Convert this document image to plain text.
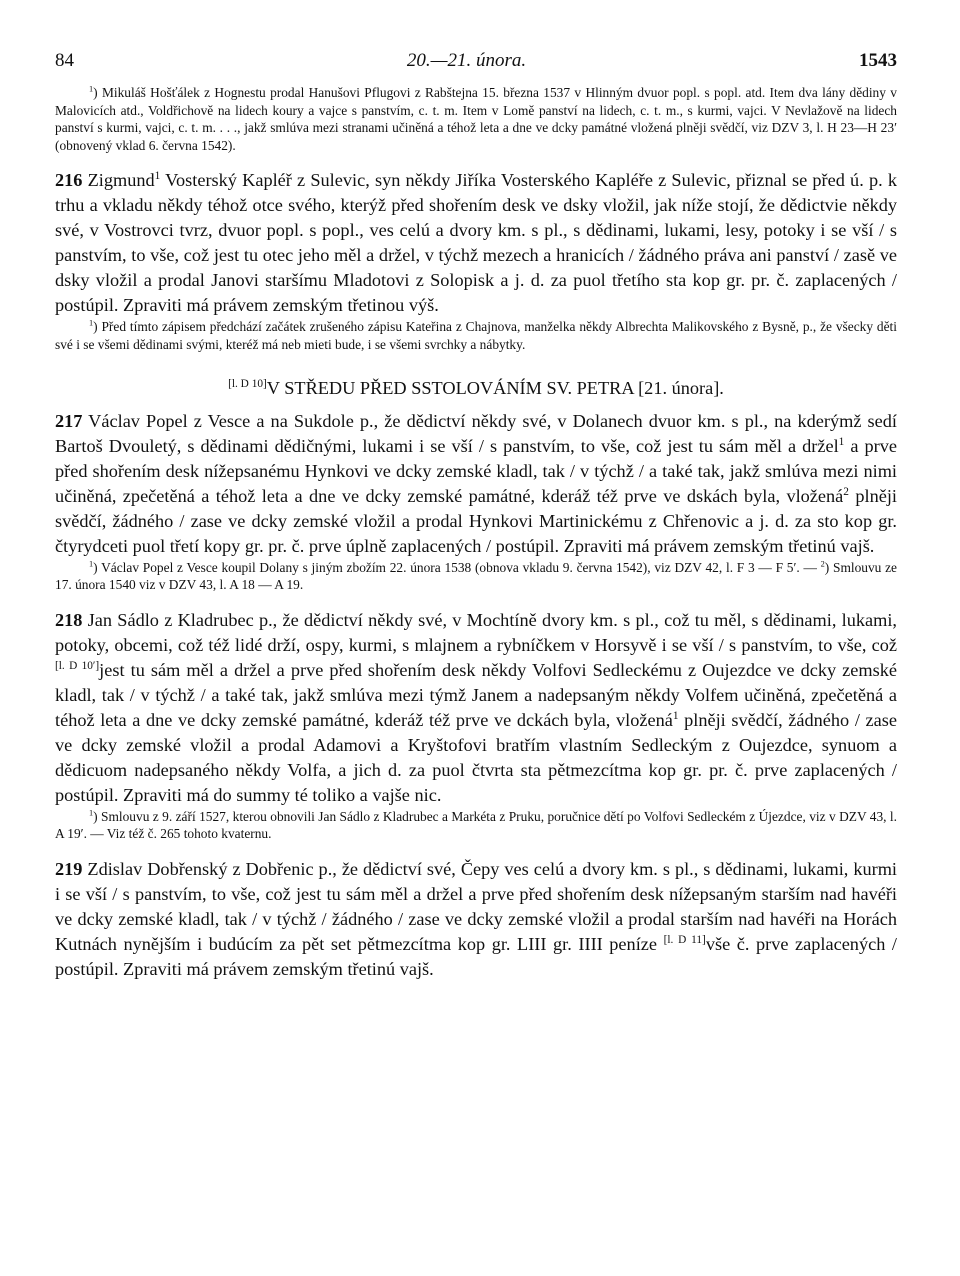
84	20.—21. února.	1543

$^1$) Mikuláš Hošťálek z Hognestu prodal Hanušovi Pflugovi z Rabštejna 15. března 1537 v Hlinným dvuor popl. s popl. atd. Item dva lány dědiny v Malovicích atd., Voldřichově na lidech koury a vajce s panstvím, c. t. m. Item v Lomě panství na lidech, c. t. m., s kurmi, vajci. V Nevlažově na lidech panství s kurmi, vajci, c. t. m. . . ., jakž smlúva mezi stranami učiněná a téhož leta a dne ve dcky památné vložená plněji svědčí, viz DZV 3, l. H 23—H 23′ (obnovený vklad 6. června 1542).

216 Zigmund$^1$ Vosterský Kapléř z Sulevic, syn někdy Jiříka Vosterského Kapléře z Sulevic, přiznal se před ú. p. k trhu a vkladu někdy téhož otce svého, kterýž před shořením desk ve dsky vložil, jak níže stojí, že dědictvie někdy své, v Vostrovci tvrz, dvuor popl. s popl., ves celú a dvory km. s pl., s dědinami, lukami, lesy, potoky i se vší / s panstvím, to vše, což jest tu otec jeho měl a držel, v týchž mezech a hranicích / žádného práva ani panství / zasě ve dsky vložil a prodal Janovi staršímu Mladotovi z Solopisk a j. d. za puol třetího sta kop gr. pr. č. zaplacených / postúpil. Zpraviti má právem zemským třetinou výš.

$^1$) Před tímto zápisem předchází začátek zrušeného zápisu Kateřina z Chajnova, manželka někdy Albrechta Malikovského z Bysně, p., že všecky děti své i se všemi dědinami svými, kteréž má neb mieti bude, i se všemi svrchky a nábytky.

[l. D 10]V STŘEDU PŘED SSTOLOVÁNÍM SV. PETRA [21. února].

217 Václav Popel z Vesce a na Sukdole p., že dědictví někdy své, v Dolanech dvuor km. s pl., na kderýmž sedí Bartoš Dvouletý, s dědinami dědičnými, lukami i se vší / s panstvím, to vše, což jest tu sám měl a držel$^1$ a prve před shořením desk nížepsanému Hynkovi ve dcky zemské kladl, tak / v týchž / a také tak, jakž smlúva mezi nimi učiněná, zpečetěná a téhož leta a dne ve dcky zemské památné, kderáž též prve ve dskách byla, vložená$^2$ plněji svědčí, žádného / zase ve dcky zemské vložil a prodal Hynkovi Martinickému z Chřenovic a j. d. za sto kop gr. čtyrydceti puol třetí kopy gr. pr. č. prve úplně zaplacených / postúpil. Zpraviti má právem zemským třetinú vajš.

$^1$) Václav Popel z Vesce koupil Dolany s jiným zbožím 22. února 1538 (obnova vkladu 9. června 1542), viz DZV 42, l. F 3 — F 5′. — $^2$) Smlouvu ze 17. února 1540 viz v DZV 43, l. A 18 — A 19.

218 Jan Sádlo z Kladrubec p., že dědictví někdy své, v Mochtíně dvory km. s pl., což tu měl, s dědinami, lukami, potoky, obcemi, což též lidé drží, ospy, kurmi, s mlajnem a rybníčkem v Horsyvě i se vší / s panstvím, to vše, což [l. D 10′]jest tu sám měl a držel a prve před shořením desk někdy Volfovi Sedleckému z Oujezdce ve dcky zemské kladl, tak / v týchž / a také tak, jakž smlúva mezi týmž Janem a nadepsaným někdy Volfem učiněná, zpečetěná a téhož leta a dne ve dcky zemské památné, kderáž též prve ve dckách byla, vložená$^1$ plněji svědčí, žádného / zase ve dcky zemské vložil a prodal Adamovi a Kryštofovi bratřím vlastním Sedleckým z Oujezdce, synuom a dědicuom nadepsaného někdy Volfa, a jich d. za puol čtvrta sta pětmezcítma kop gr. pr. č. prve zaplacených / postúpil. Zpraviti má do summy té toliko a vajše nic.

$^1$) Smlouvu z 9. září 1527, kterou obnovili Jan Sádlo z Kladrubec a Markéta z Pruku, poručnice dětí po Volfovi Sedleckém z Újezdce, viz v DZV 43, l. A 19′. — Viz též č. 265 tohoto kvaternu.

219 Zdislav Dobřenský z Dobřenic p., že dědictví své, Čepy ves celú a dvory km. s pl., s dědinami, lukami, kurmi i se vší / s panstvím, to vše, což jest tu sám měl a držel a prve před shořením desk nížepsaným starším nad havéři ve dcky zemské kladl, tak / v týchž / žádného / zase ve dcky zemské vložil a prodal starším nad havéři na Horách Kutnách nynějším i budúcím za pět set pětmezcítma kop gr. LIII gr. IIII peníze [l. D 11]vše č. prve zaplacených / postúpil. Zpraviti má právem zemským třetinú vajš.
